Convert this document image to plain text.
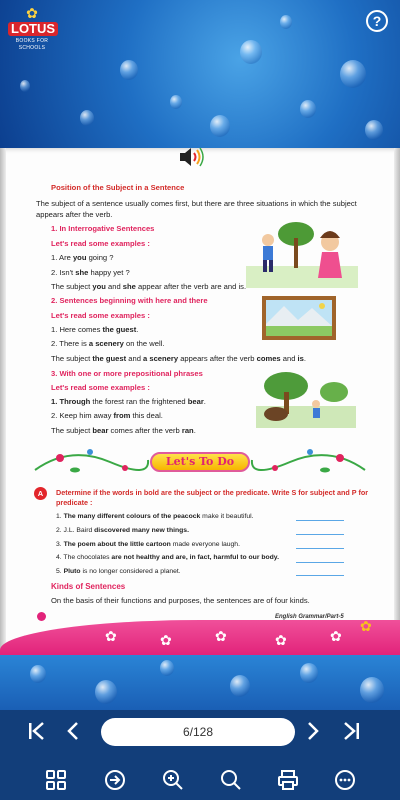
✿
LOTUS
BOOKS FOR SCHOOLS
?
Position of the Subject in a Sentence
The subject of a sentence usually comes first, but there are three situations in which the subject appears after the verb.
1. In Interrogative Sentences
Let's read some examples :
1. Are you going ?
2. Isn't she happy yet ?
The subject you and she appear after the verb are and is.
2. Sentences beginning with here and there
Let's read some examples :
1. Here comes the guest.
2. There is a scenery on the well.
The subject the guest and a scenery appears after the verb comes and is.
3. With one or more prepositional phrases
Let's read some examples :
1. Through the forest ran the frightened bear.
2. Keep him away from this deal.
The subject bear comes after the verb ran.
Let's To Do
A	Determine if the words in bold are the subject or the predicate. Write S for subject and P for predicate :
1. The many different colours of the peacock make it beautiful.
2. J.L. Baird discovered many new things.
3. The poem about the little cartoon made everyone laugh.
4. The chocolates are not healthy and are, in fact, harmful to our body.
5. Pluto is no longer considered a planet.
Kinds of Sentences
On the basis of their functions and purposes, the sentences are of four kinds.
English Grammar/Part-5
✿	✿	✿	✿	✿
✿
6/128
